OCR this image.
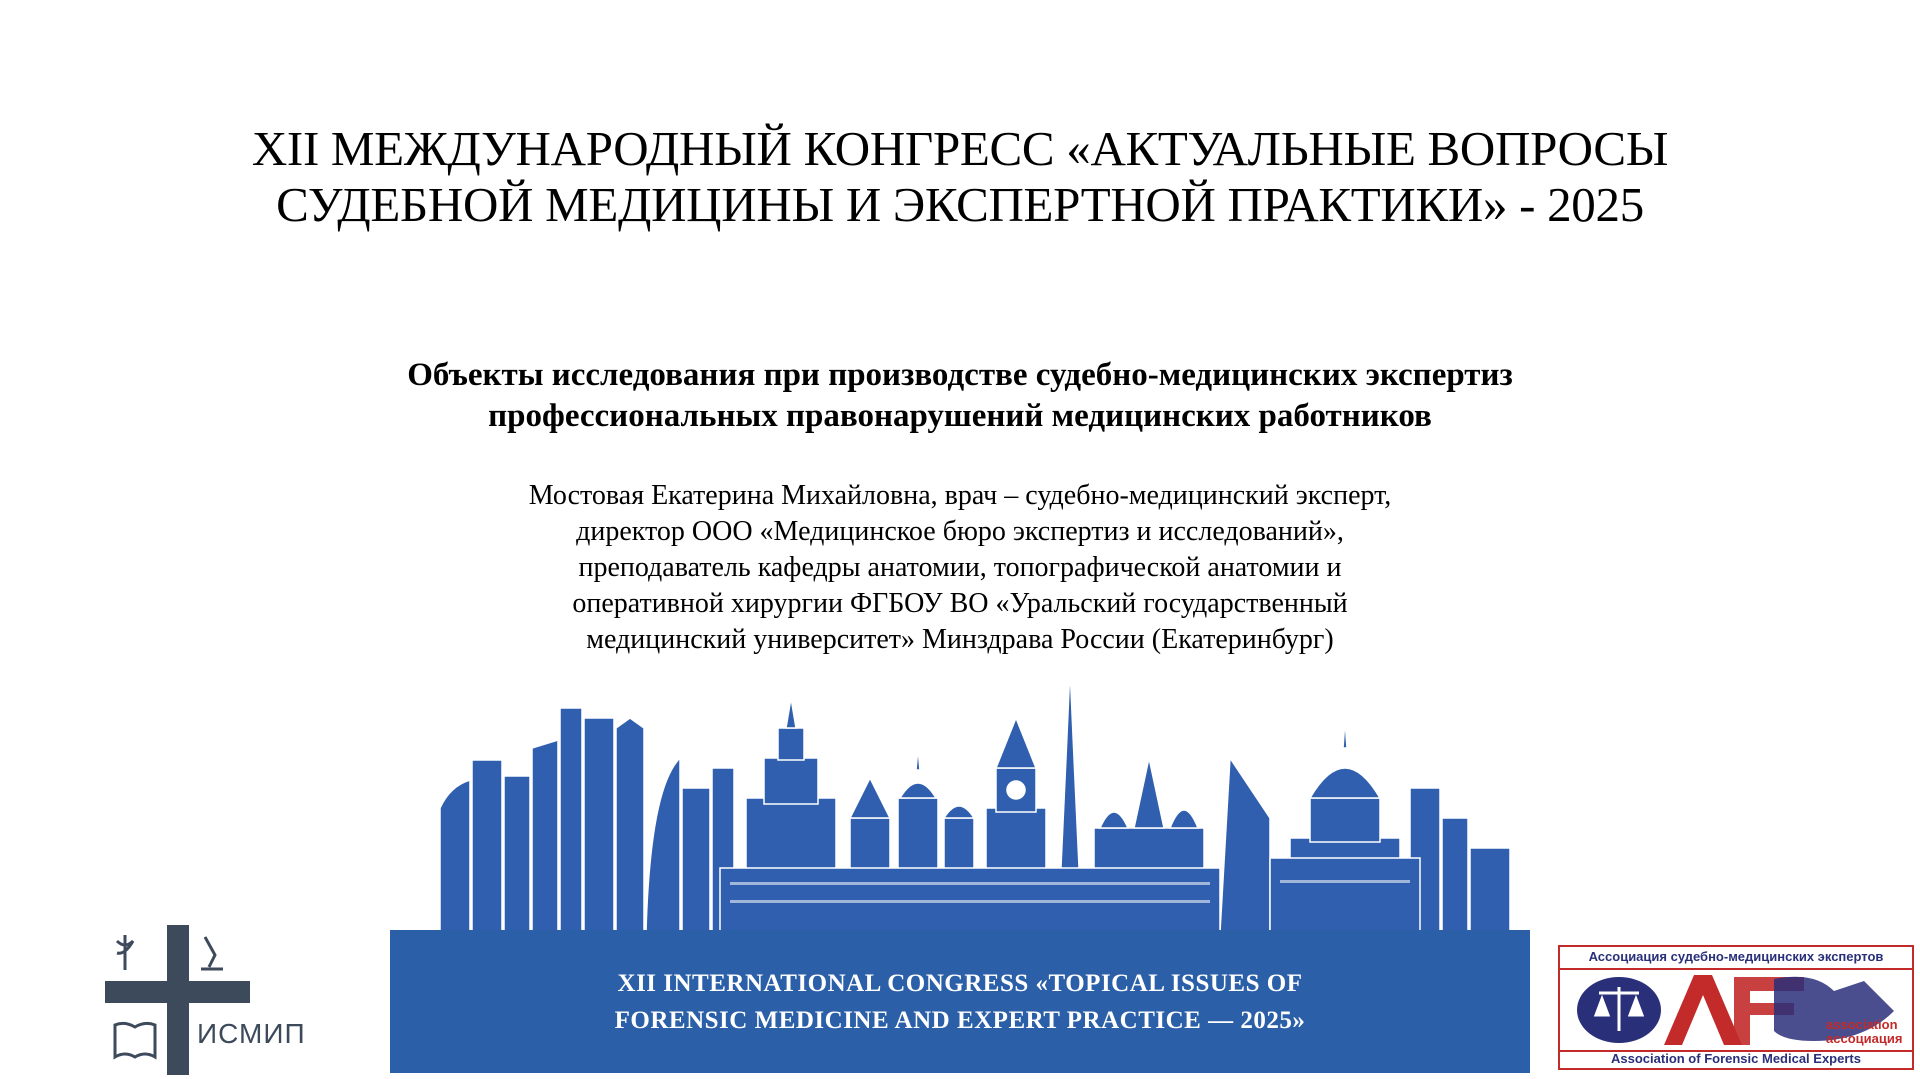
XII МЕЖДУНАРОДНЫЙ КОНГРЕСС «АКТУАЛЬНЫЕ ВОПРОСЫ
СУДЕБНОЙ МЕДИЦИНЫ И ЭКСПЕРТНОЙ ПРАКТИКИ» - 2025
Объекты исследования при производстве судебно-медицинских экспертиз
профессиональных правонарушений медицинских работников
Мостовая Екатерина Михайловна, врач – судебно-медицинский эксперт,
директор ООО «Медицинское бюро экспертиз и исследований»,
преподаватель кафедры анатомии, топографической анатомии и
оперативной хирургии ФГБОУ ВО «Уральский государственный
медицинский университет» Минздрава России (Екатеринбург)
XII INTERNATIONAL CONGRESS «TOPICAL ISSUES OF
FORENSIC MEDICINE AND EXPERT PRACTICE — 2025»
ИСМИП
Ассоциация судебно-медицинских экспертов
association
ассоциация
Association of Forensic Medical Experts
